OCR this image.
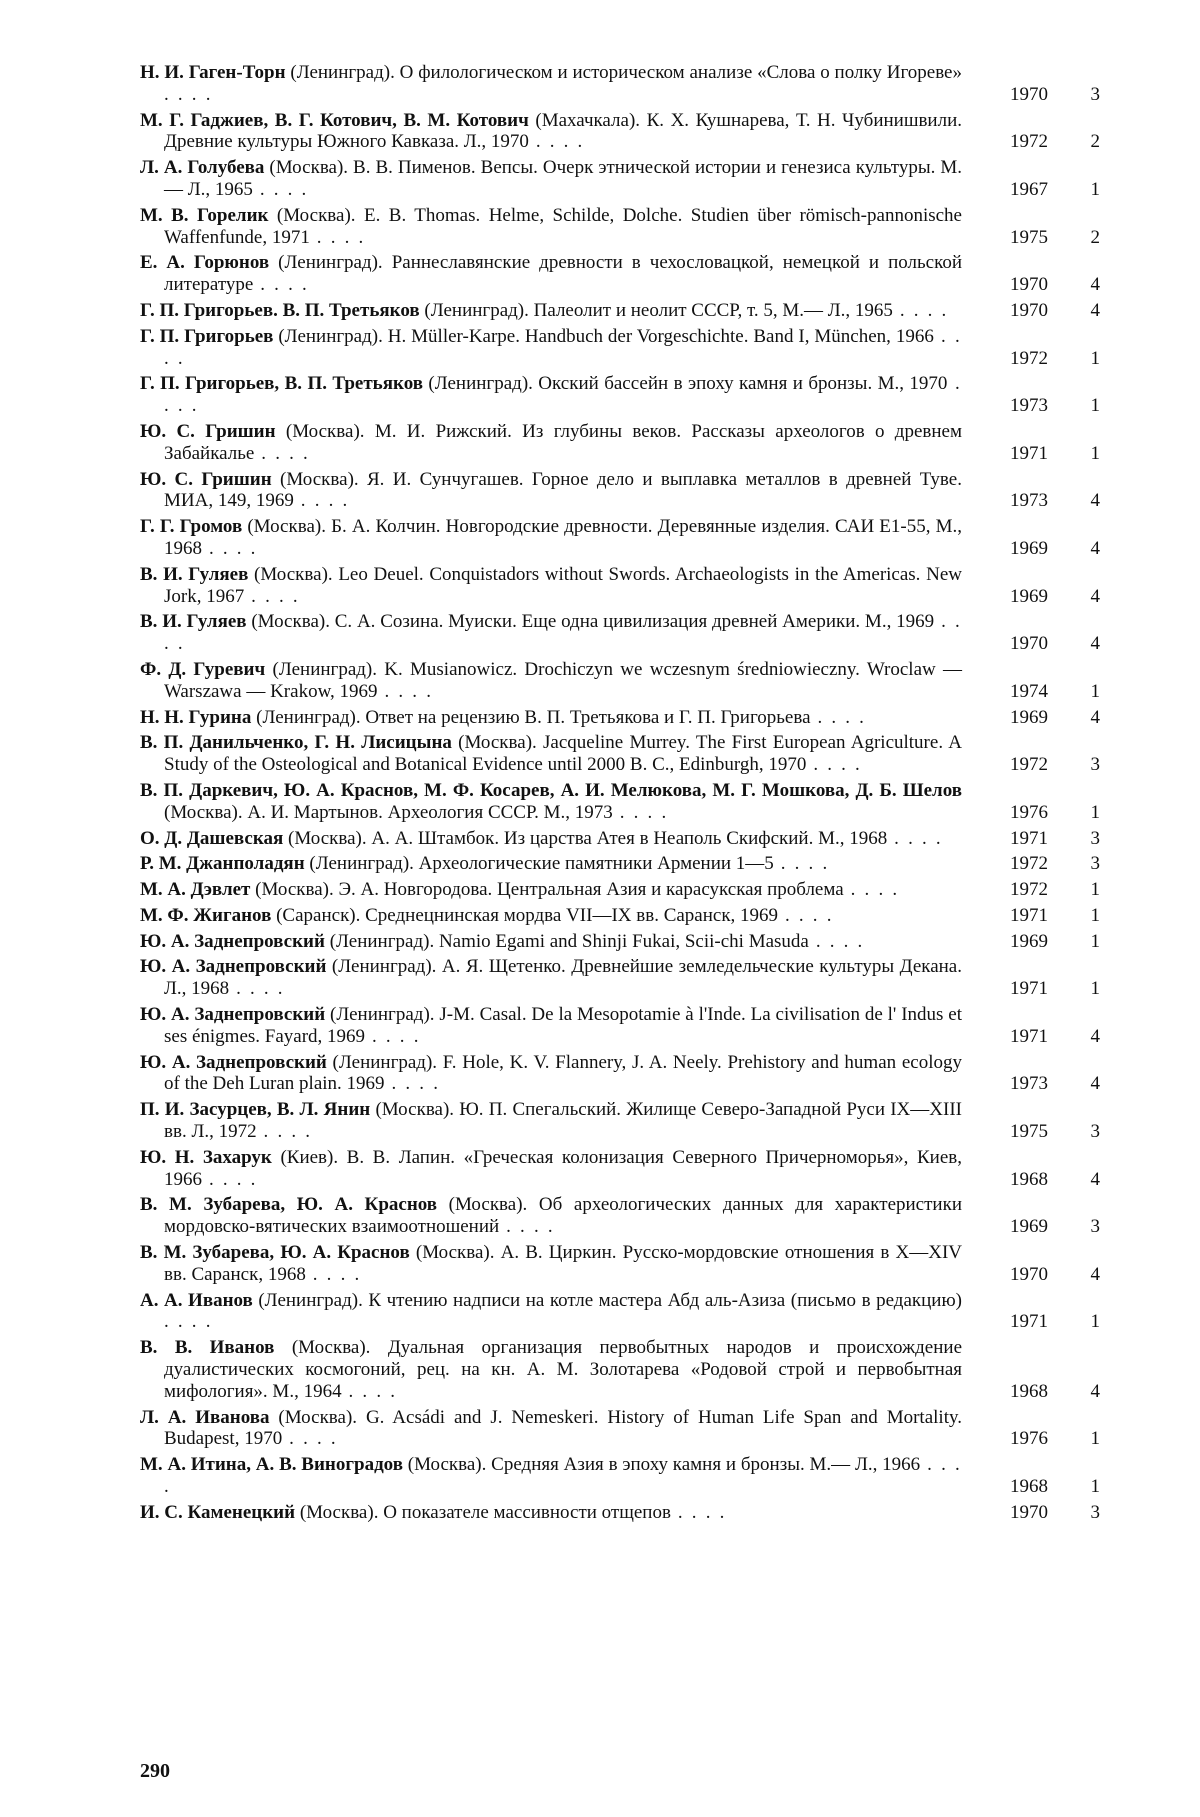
Н. И. Гаген-Торн (Ленинград). О филологическом и историческом анализе «Слова о полку Игореве» . . . .	1970	3
М. Г. Гаджиев, В. Г. Котович, В. М. Котович (Махачкала). К. Х. Кушнарева, Т. Н. Чубинишвили. Древние культуры Южного Кавказа. Л., 1970 . . . .	1972	2
Л. А. Голубева (Москва). В. В. Пименов. Вепсы. Очерк этнической истории и генезиса культуры. М.— Л., 1965 . . . .	1967	1
М. В. Горелик (Москва). E. B. Thomas. Helme, Schilde, Dolche. Studien über römisch-pannonische Waffenfunde, 1971 . . . .	1975	2
Е. А. Горюнов (Ленинград). Раннеславянские древности в чехословацкой, немецкой и польской литературе . . . .	1970	4
Г. П. Григорьев. В. П. Третьяков (Ленинград). Палеолит и неолит СССР, т. 5, М.— Л., 1965 . . . .	1970	4
Г. П. Григорьев (Ленинград). H. Müller-Karpe. Handbuch der Vorgeschichte. Band I, München, 1966 . . . .	1972	1
Г. П. Григорьев, В. П. Третьяков (Ленинград). Окский бассейн в эпоху камня и бронзы. М., 1970 . . . .	1973	1
Ю. С. Гришин (Москва). М. И. Рижский. Из глубины веков. Рассказы археологов о древнем Забайкалье . . . .	1971	1
Ю. С. Гришин (Москва). Я. И. Сунчугашев. Горное дело и выплавка металлов в древней Туве. МИА, 149, 1969 . . . .	1973	4
Г. Г. Громов (Москва). Б. А. Колчин. Новгородские древности. Деревянные изделия. САИ Е1-55, М., 1968 . . . .	1969	4
В. И. Гуляев (Москва). Leo Deuel. Conquistadors without Swords. Archaeologists in the Americas. New Jork, 1967 . . . .	1969	4
В. И. Гуляев (Москва). С. А. Созина. Муиски. Еще одна цивилизация древней Америки. М., 1969 . . . .	1970	4
Ф. Д. Гуревич (Ленинград). K. Musianowicz. Drochiczyn we wczesnym średniowieczny. Wroclaw — Warszawa — Krakow, 1969 . . . .	1974	1
Н. Н. Гурина (Ленинград). Ответ на рецензию В. П. Третьякова и Г. П. Григорьева . . . .	1969	4
В. П. Данильченко, Г. Н. Лисицына (Москва). Jacqueline Murrey. The First European Agriculture. A Study of the Osteological and Botanical Evidence until 2000 B. C., Edinburgh, 1970 . . . .	1972	3
В. П. Даркевич, Ю. А. Краснов, М. Ф. Косарев, А. И. Мелюкова, М. Г. Мошкова, Д. Б. Шелов (Москва). А. И. Мартынов. Археология СССР. М., 1973 . . . .	1976	1
О. Д. Дашевская (Москва). А. А. Штамбок. Из царства Атея в Неаполь Скифский. М., 1968 . . . .	1971	3
Р. М. Джанполадян (Ленинград). Археологические памятники Армении 1—5 . . . .	1972	3
М. А. Дэвлет (Москва). Э. А. Новгородова. Центральная Азия и карасукская проблема . . . .	1972	1
М. Ф. Жиганов (Саранск). Среднецнинская мордва VII—IX вв. Саранск, 1969 . . . .	1971	1
Ю. А. Заднепровский (Ленинград). Namio Egami and Shinji Fukai, Scii-chi Masuda . . . .	1969	1
Ю. А. Заднепровский (Ленинград). А. Я. Щетенко. Древнейшие земледельческие культуры Декана. Л., 1968 . . . .	1971	1
Ю. А. Заднепровский (Ленинград). J-M. Casal. De la Mesopotamie à l'Inde. La civilisation de l' Indus et ses énigmes. Fayard, 1969 . . . .	1971	4
Ю. А. Заднепровский (Ленинград). F. Hole, K. V. Flannery, J. A. Neely. Prehistory and human ecology of the Deh Luran plain. 1969 . . . .	1973	4
П. И. Засурцев, В. Л. Янин (Москва). Ю. П. Спегальский. Жилище Северо-Западной Руси IX—XIII вв. Л., 1972 . . . .	1975	3
Ю. Н. Захарук (Киев). В. В. Лапин. «Греческая колонизация Северного Причерноморья», Киев, 1966 . . . .	1968	4
В. М. Зубарева, Ю. А. Краснов (Москва). Об археологических данных для характеристики мордовско-вятических взаимоотношений . . . .	1969	3
В. М. Зубарева, Ю. А. Краснов (Москва). А. В. Циркин. Русско-мордовские отношения в X—XIV вв. Саранск, 1968 . . . .	1970	4
А. А. Иванов (Ленинград). К чтению надписи на котле мастера Абд аль-Азиза (письмо в редакцию) . . . .	1971	1
В. В. Иванов (Москва). Дуальная организация первобытных народов и происхождение дуалистических космогоний, рец. на кн. А. М. Золотарева «Родовой строй и первобытная мифология». М., 1964 . . . .	1968	4
Л. А. Иванова (Москва). G. Acsádi and J. Nemeskeri. History of Human Life Span and Mortality. Budapest, 1970 . . . .	1976	1
М. А. Итина, А. В. Виноградов (Москва). Средняя Азия в эпоху камня и бронзы. М.— Л., 1966 . . . .	1968	1
И. С. Каменецкий (Москва). О показателе массивности отщепов . . . .	1970	3
290
